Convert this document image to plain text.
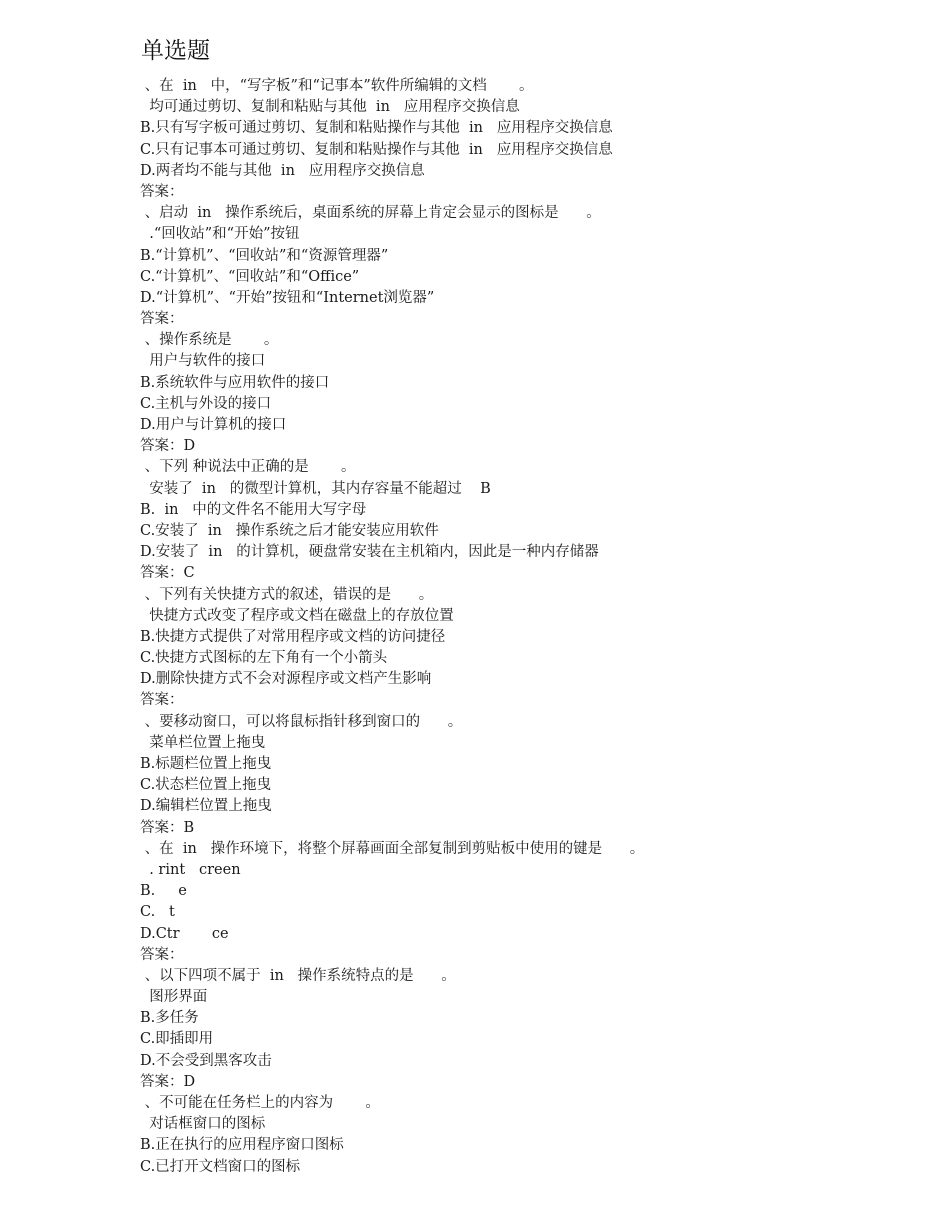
单选题
、在  in   中，“写字板”和“记事本”软件所编辑的文档       。
均可通过剪切、复制和粘贴与其他  in   应用程序交换信息
B.只有写字板可通过剪切、复制和粘贴操作与其他  in   应用程序交换信息
C.只有记事本可通过剪切、复制和粘贴操作与其他  in   应用程序交换信息
D.两者均不能与其他  in   应用程序交换信息
答案：
、启动  in   操作系统后，桌面系统的屏幕上肯定会显示的图标是      。
.“回收站”和“开始”按钮
B.“计算机”、“回收站”和“资源管理器”
C.“计算机”、“回收站”和“Office”
D.“计算机”、“开始”按钮和“Internet浏览器”
答案：
、操作系统是       。
用户与软件的接口
B.系统软件与应用软件的接口
C.主机与外设的接口
D.用户与计算机的接口
答案：D
、下列 种说法中正确的是       。
安装了  in   的微型计算机，其内存容量不能超过    B
B.  in   中的文件名不能用大写字母
C.安装了  in   操作系统之后才能安装应用软件
D.安装了  in   的计算机，硬盘常安装在主机箱内，因此是一种内存储器
答案：C
、下列有关快捷方式的叙述，错误的是      。
快捷方式改变了程序或文档在磁盘上的存放位置
B.快捷方式提供了对常用程序或文档的访问捷径
C.快捷方式图标的左下角有一个小箭头
D.删除快捷方式不会对源程序或文档产生影响
答案：
、要移动窗口，可以将鼠标指针移到窗口的      。
菜单栏位置上拖曳
B.标题栏位置上拖曳
C.状态栏位置上拖曳
D.编辑栏位置上拖曳
答案：B
、在  in   操作环境下，将整个屏幕画面全部复制到剪贴板中使用的键是      。
. rint   creen
B.     e
C.   t
D.Ctr       ce
答案：
、以下四项不属于  in   操作系统特点的是      。
图形界面
B.多任务
C.即插即用
D.不会受到黑客攻击
答案：D
、不可能在任务栏上的内容为       。
对话框窗口的图标
B.正在执行的应用程序窗口图标
C.已打开文档窗口的图标
